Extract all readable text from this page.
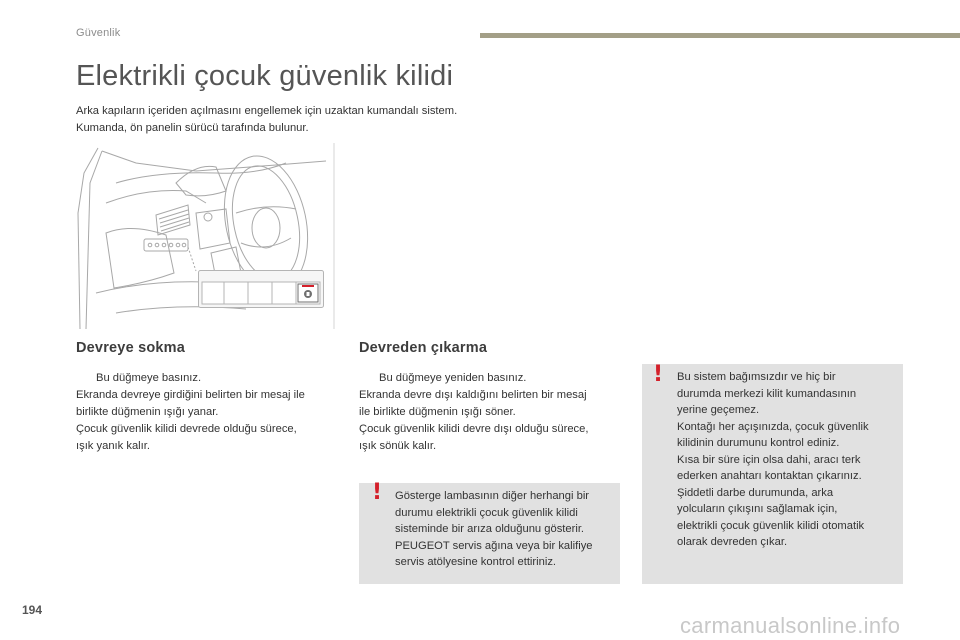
Güvenlik
Elektrikli çocuk güvenlik kilidi
Arka kapıların içeriden açılmasını engellemek için uzaktan kumandalı sistem.
Kumanda, ön panelin sürücü tarafında bulunur.
Devreye sokma
Bu düğmeye basınız.

Ekranda devreye girdiğini belirten bir mesaj ile

birlikte düğmenin ışığı yanar.

Çocuk güvenlik kilidi devrede olduğu sürece,

ışık yanık kalır.

Devreden çıkarma
Bu düğmeye yeniden basınız.

Ekranda devre dışı kaldığını belirten bir mesaj

ile birlikte düğmenin ışığı söner.

Çocuk güvenlik kilidi devre dışı olduğu sürece,

ışık sönük kalır.

! Gösterge lambasının diğer herhangi bir

durumu elektrikli çocuk güvenlik kilidi

sisteminde bir arıza olduğunu gösterir.

PEUGEOT servis ağına veya bir kalifiye

servis atölyesine kontrol ettiriniz.

! Bu sistem bağımsızdır ve hiç bir

durumda merkezi kilit kumandasının

yerine geçemez.

Kontağı her açışınızda, çocuk güvenlik

kilidinin durumunu kontrol ediniz.

Kısa bir süre için olsa dahi, aracı terk

ederken anahtarı kontaktan çıkarınız.

Şiddetli darbe durumunda, arka

yolcuların çıkışını sağlamak için,

elektrikli çocuk güvenlik kilidi otomatik

olarak devreden çıkar.

194
carmanualsonline.info
